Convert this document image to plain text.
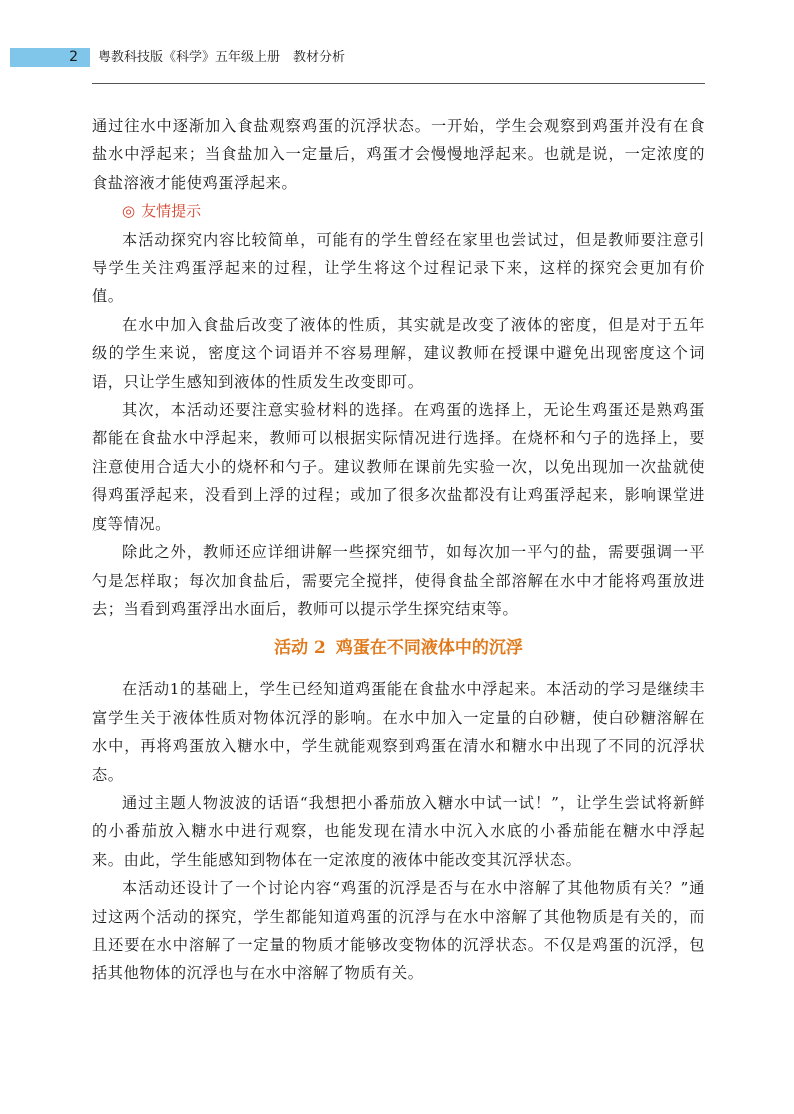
2 粤教科技版《科学》五年级上册　教材分析

通过往水中逐渐加入食盐观察鸡蛋的沉浮状态。一开始，学生会观察到鸡蛋并没有在食盐水中浮起来；当食盐加入一定量后，鸡蛋才会慢慢地浮起来。也就是说，一定浓度的食盐溶液才能使鸡蛋浮起来。

◎ 友情提示

本活动探究内容比较简单，可能有的学生曾经在家里也尝试过，但是教师要注意引导学生关注鸡蛋浮起来的过程，让学生将这个过程记录下来，这样的探究会更加有价值。

在水中加入食盐后改变了液体的性质，其实就是改变了液体的密度，但是对于五年级的学生来说，密度这个词语并不容易理解，建议教师在授课中避免出现密度这个词语，只让学生感知到液体的性质发生改变即可。

其次，本活动还要注意实验材料的选择。在鸡蛋的选择上，无论生鸡蛋还是熟鸡蛋都能在食盐水中浮起来，教师可以根据实际情况进行选择。在烧杯和勺子的选择上，要注意使用合适大小的烧杯和勺子。建议教师在课前先实验一次，以免出现加一次盐就使得鸡蛋浮起来，没看到上浮的过程；或加了很多次盐都没有让鸡蛋浮起来，影响课堂进度等情况。

除此之外，教师还应详细讲解一些探究细节，如每次加一平勺的盐，需要强调一平勺是怎样取；每次加食盐后，需要完全搅拌，使得食盐全部溶解在水中才能将鸡蛋放进去；当看到鸡蛋浮出水面后，教师可以提示学生探究结束等。

活动 2 鸡蛋在不同液体中的沉浮

在活动1的基础上，学生已经知道鸡蛋能在食盐水中浮起来。本活动的学习是继续丰富学生关于液体性质对物体沉浮的影响。在水中加入一定量的白砂糖，使白砂糖溶解在水中，再将鸡蛋放入糖水中，学生就能观察到鸡蛋在清水和糖水中出现了不同的沉浮状态。

通过主题人物波波的话语“我想把小番茄放入糖水中试一试！”，让学生尝试将新鲜的小番茄放入糖水中进行观察，也能发现在清水中沉入水底的小番茄能在糖水中浮起来。由此，学生能感知到物体在一定浓度的液体中能改变其沉浮状态。

本活动还设计了一个讨论内容“鸡蛋的沉浮是否与在水中溶解了其他物质有关？”通过这两个活动的探究，学生都能知道鸡蛋的沉浮与在水中溶解了其他物质是有关的，而且还要在水中溶解了一定量的物质才能够改变物体的沉浮状态。不仅是鸡蛋的沉浮，包括其他物体的沉浮也与在水中溶解了物质有关。
